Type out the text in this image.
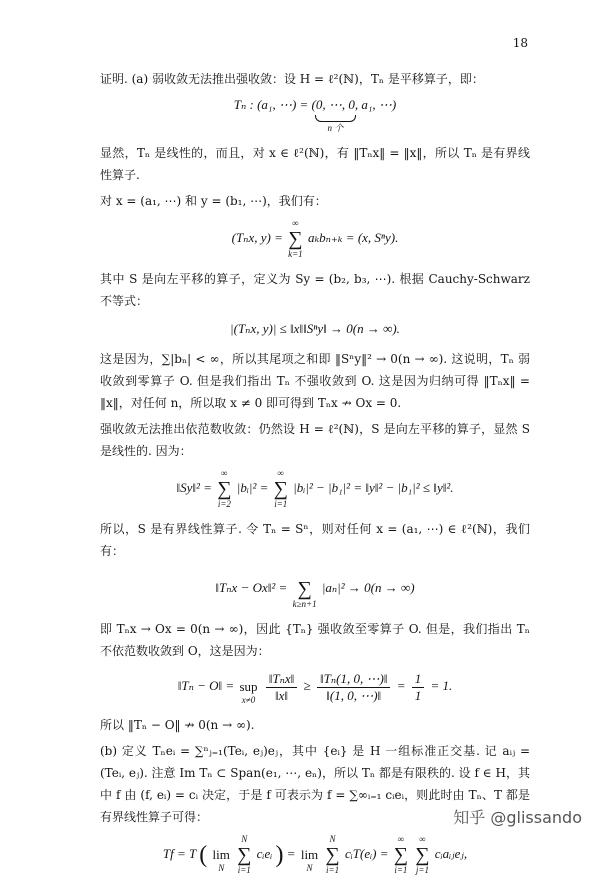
18

证明. (a) 弱收敛无法推出强收敛：设 H = ℓ²(ℕ)，Tₙ 是平移算子，即：

Tₙ : (a₁, ⋯) = ( 0, ⋯, 0
n 个
, a₁, ⋯)

显然，Tₙ 是线性的，而且，对 x ∈ ℓ²(ℕ)，有 ‖Tₙx‖ = ‖x‖，所以 Tₙ 是有界线性算子.

对 x = (a₁, ⋯) 和 y = (b₁, ⋯)，我们有：

(Tₙx, y) =
∞
∑
k=1
aₖbₙ₊ₖ = (x, Sⁿy).

其中 S 是向左平移的算子，定义为 Sy = (b₂, b₃, ⋯). 根据 Cauchy-Schwarz 不等式：

|(Tₙx, y)| ≤ ‖x‖‖Sⁿy‖ → 0(n → ∞).

这是因为，∑|bₙ| < ∞，所以其尾项之和即 ‖Sⁿy‖² → 0(n → ∞). 这说明，Tₙ 弱收敛到零算子 O. 但是我们指出 Tₙ 不强收敛到 O. 这是因为归纳可得 ‖Tₙx‖ = ‖x‖，对任何 n，所以取 x ≠ 0 即可得到 Tₙx ↛ Ox = 0.

强收敛无法推出依范数收敛：仍然设 H = ℓ²(ℕ)，S 是向左平移的算子，显然 S 是线性的. 因为：

‖Sy‖² =
∞
∑
i=2
|bᵢ|² =
∞
∑
i=1
|bᵢ|² − |b₁|² = ‖y‖² − |b₁|² ≤ ‖y‖².

所以，S 是有界线性算子. 令 Tₙ = Sⁿ，则对任何 x = (a₁, ⋯) ∈ ℓ²(ℕ)，我们有：

‖Tₙx − Ox‖² =
∑
k≥n+1
|aₙ|² → 0(n → ∞)

即 Tₙx → Ox = 0(n → ∞)，因此 {Tₙ} 强收敛至零算子 O. 但是，我们指出 Tₙ 不依范数收敛到 O，这是因为：

‖Tₙ − O‖ =
sup
x≠0
$\frac{\text{‖Tₙx‖}}{‖x‖} \ge \frac{\text{‖Tₙ(1, 0, ⋯)‖}}{‖(1, 0, \cdots)‖} = \frac{1}{1} = 1$.

所以 ‖Tₙ − O‖ ↛ 0(n → ∞).

(b) 定义 Tₙeᵢ = ∑ⁿⱼ₌₁(Teᵢ, eⱼ)eⱼ，其中 {eᵢ} 是 H 一组标准正交基. 记 aᵢⱼ = (Teᵢ, eⱼ). 注意 Im Tₙ ⊂ Span(e₁, ⋯, eₙ)，所以 Tₙ 都是有限秩的. 设 f ∈ H，其中 f 由 (f, eᵢ) = cᵢ 决定，于是 f 可表示为 f = ∑∞ᵢ₌₁ cᵢeᵢ，则此时由 Tₙ、T 都是有界线性算子可得：

Tf = T (
lim
N

N
∑
i=1
cᵢeᵢ ) =
lim
N

N
∑
i=1
cᵢT(eᵢ) =
∞
∑
i=1

∞
∑
j=1
cᵢaᵢⱼeⱼ,
知乎 @glissando
